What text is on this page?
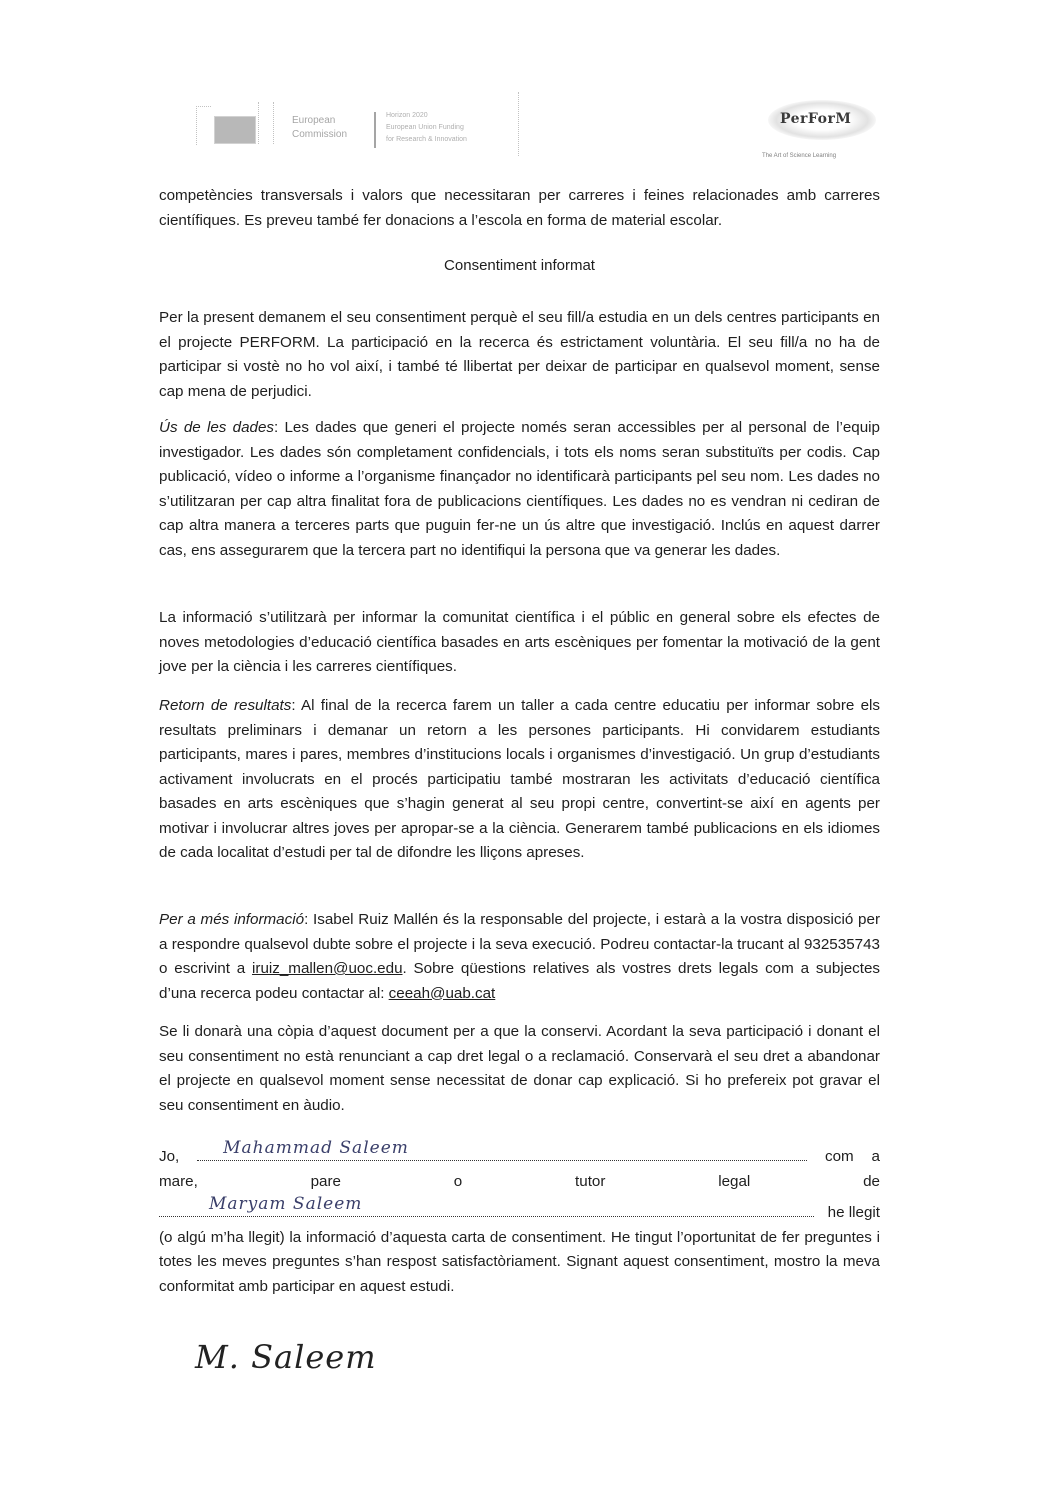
European
Commission
Horizon 2020
European Union Funding
for Research & Innovation
PerForM
The Art of Science Learning

competències transversals i valors que necessitaran per carreres i feines relacionades amb carreres científiques. Es preveu també fer donacions a l’escola en forma de material escolar.

Consentiment informat

Per la present demanem el seu consentiment perquè el seu fill/a estudia en un dels centres participants en el projecte PERFORM. La participació en la recerca és estrictament voluntària. El seu fill/a no ha de participar si vostè no ho vol així, i també té llibertat per deixar de participar en qualsevol moment, sense cap mena de perjudici.

Ús de les dades: Les dades que generi el projecte només seran accessibles per al personal de l’equip investigador. Les dades són completament confidencials, i tots els noms seran substituïts per codis. Cap publicació, vídeo o informe a l’organisme finançador no identificarà participants pel seu nom. Les dades no s’utilitzaran per cap altra finalitat fora de publicacions científiques. Les dades no es vendran ni cediran de cap altra manera a terceres parts que puguin fer-ne un ús altre que investigació. Inclús en aquest darrer cas, ens assegurarem que la tercera part no identifiqui la persona que va generar les dades.

La informació s’utilitzarà per informar la comunitat científica i el públic en general sobre els efectes de noves metodologies d’educació científica basades en arts escèniques per fomentar la motivació de la gent jove per la ciència i les carreres científiques.

Retorn de resultats: Al final de la recerca farem un taller a cada centre educatiu per informar sobre els resultats preliminars i demanar un retorn a les persones participants. Hi convidarem estudiants participants, mares i pares, membres d’institucions locals i organismes d’investigació. Un grup d’estudiants activament involucrats en el procés participatiu també mostraran les activitats d’educació científica basades en arts escèniques que s’hagin generat al seu propi centre, convertint-se així en agents per motivar i involucrar altres joves per apropar-se a la ciència. Generarem també publicacions en els idiomes de cada localitat d’estudi per tal de difondre les lliçons apreses.

Per a més informació: Isabel Ruiz Mallén és la responsable del projecte, i estarà a la vostra disposició per a respondre qualsevol dubte sobre el projecte i la seva execució. Podreu contactar-la trucant al 932535743 o escrivint a iruiz_mallen@uoc.edu. Sobre qüestions relatives als vostres drets legals com a subjectes d’una recerca podeu contactar al: ceeah@uab.cat

Se li donarà una còpia d’aquest document per a que la conservi. Acordant la seva participació i donant el seu consentiment no està renunciant a cap dret legal o a reclamació. Conservarà el seu dret a abandonar el projecte en qualsevol moment sense necessitat de donar cap explicació. Si ho prefereix pot gravar el seu consentiment en àudio.

Jo,	Mahammad Saleem	com a
mare,	pare	o	tutor	legal	de
Maryam Saleem	he llegit

(o algú m’ha llegit) la informació d’aquesta carta de consentiment. He tingut l’oportunitat de fer preguntes i totes les meves preguntes s’han respost satisfactòriament. Signant aquest consentiment, mostro la meva conformitat amb participar en aquest estudi.

M. Saleem
